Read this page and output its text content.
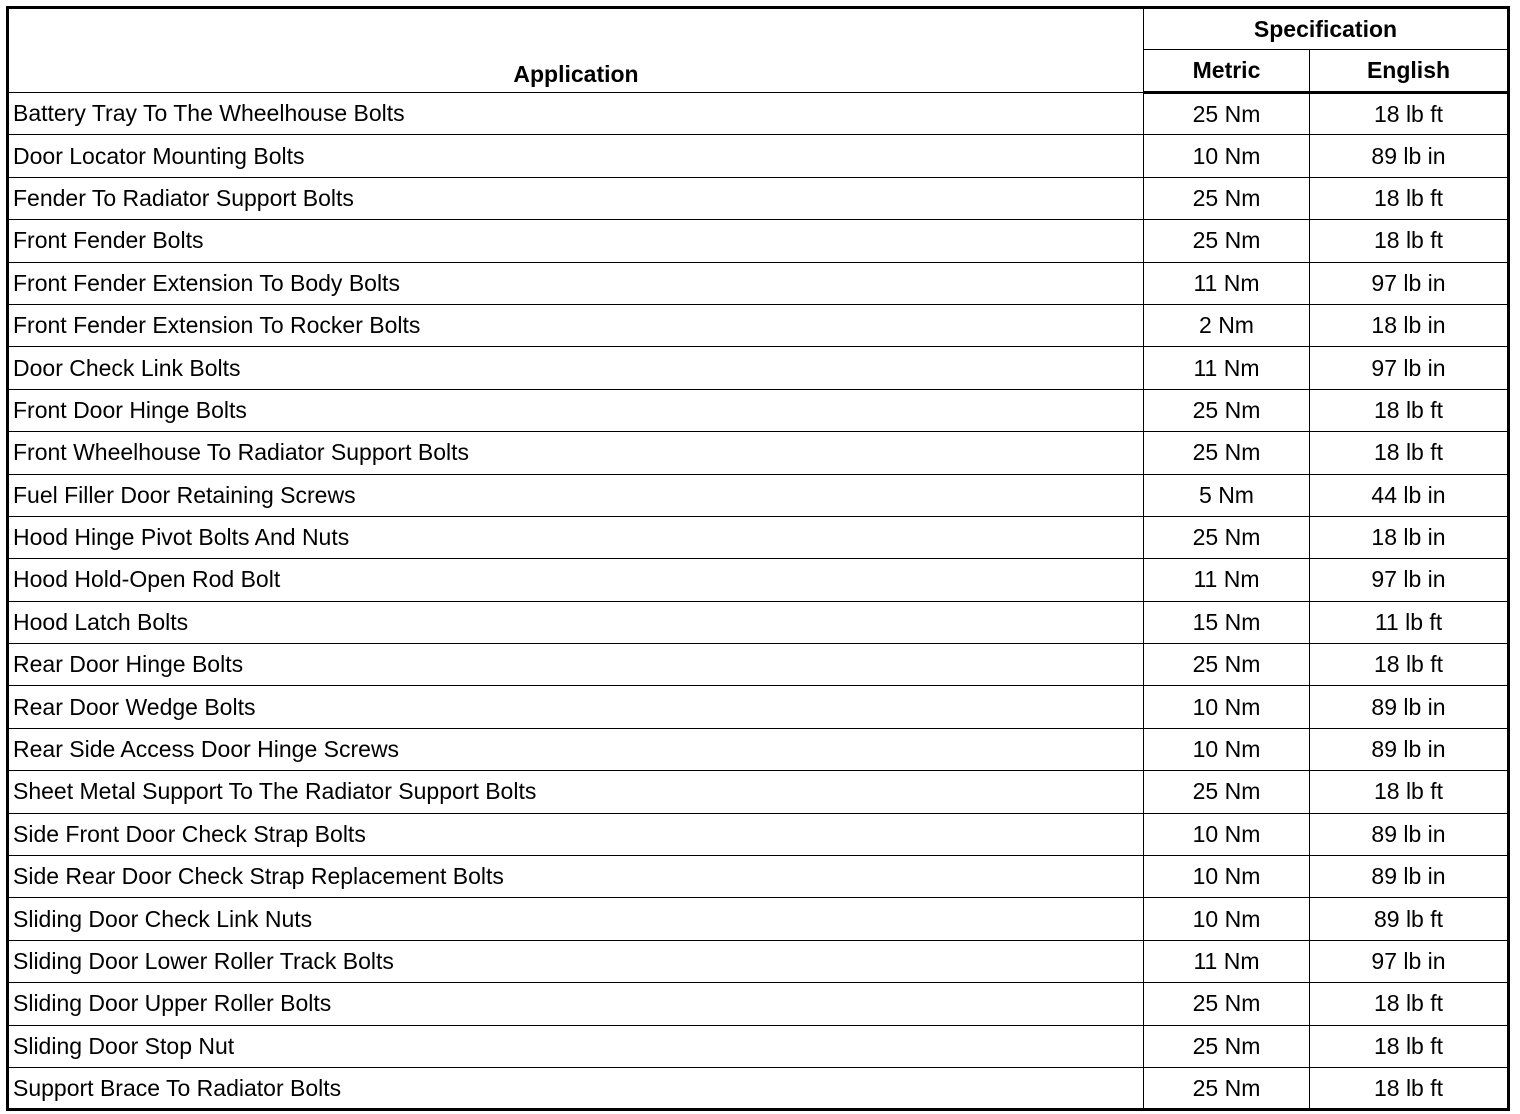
Application	Specification	
	Metric	English
Battery Tray To The Wheelhouse Bolts	25 Nm	18 lb ft
Door Locator Mounting Bolts	10 Nm	89 lb in
Fender To Radiator Support Bolts	25 Nm	18 lb ft
Front Fender Bolts	25 Nm	18 lb ft
Front Fender Extension To Body Bolts	11 Nm	97 lb in
Front Fender Extension To Rocker Bolts	2 Nm	18 lb in
Door Check Link Bolts	11 Nm	97 lb in
Front Door Hinge Bolts	25 Nm	18 lb ft
Front Wheelhouse To Radiator Support Bolts	25 Nm	18 lb ft
Fuel Filler Door Retaining Screws	5 Nm	44 lb in
Hood Hinge Pivot Bolts And Nuts	25 Nm	18 lb in
Hood Hold-Open Rod Bolt	11 Nm	97 lb in
Hood Latch Bolts	15 Nm	11 lb ft
Rear Door Hinge Bolts	25 Nm	18 lb ft
Rear Door Wedge Bolts	10 Nm	89 lb in
Rear Side Access Door Hinge Screws	10 Nm	89 lb in
Sheet Metal Support To The Radiator Support Bolts	25 Nm	18 lb ft
Side Front Door Check Strap Bolts	10 Nm	89 lb in
Side Rear Door Check Strap Replacement Bolts	10 Nm	89 lb in
Sliding Door Check Link Nuts	10 Nm	89 lb ft
Sliding Door Lower Roller Track Bolts	11 Nm	97 lb in
Sliding Door Upper Roller Bolts	25 Nm	18 lb ft
Sliding Door Stop Nut	25 Nm	18 lb ft
Support Brace To Radiator Bolts	25 Nm	18 lb ft
